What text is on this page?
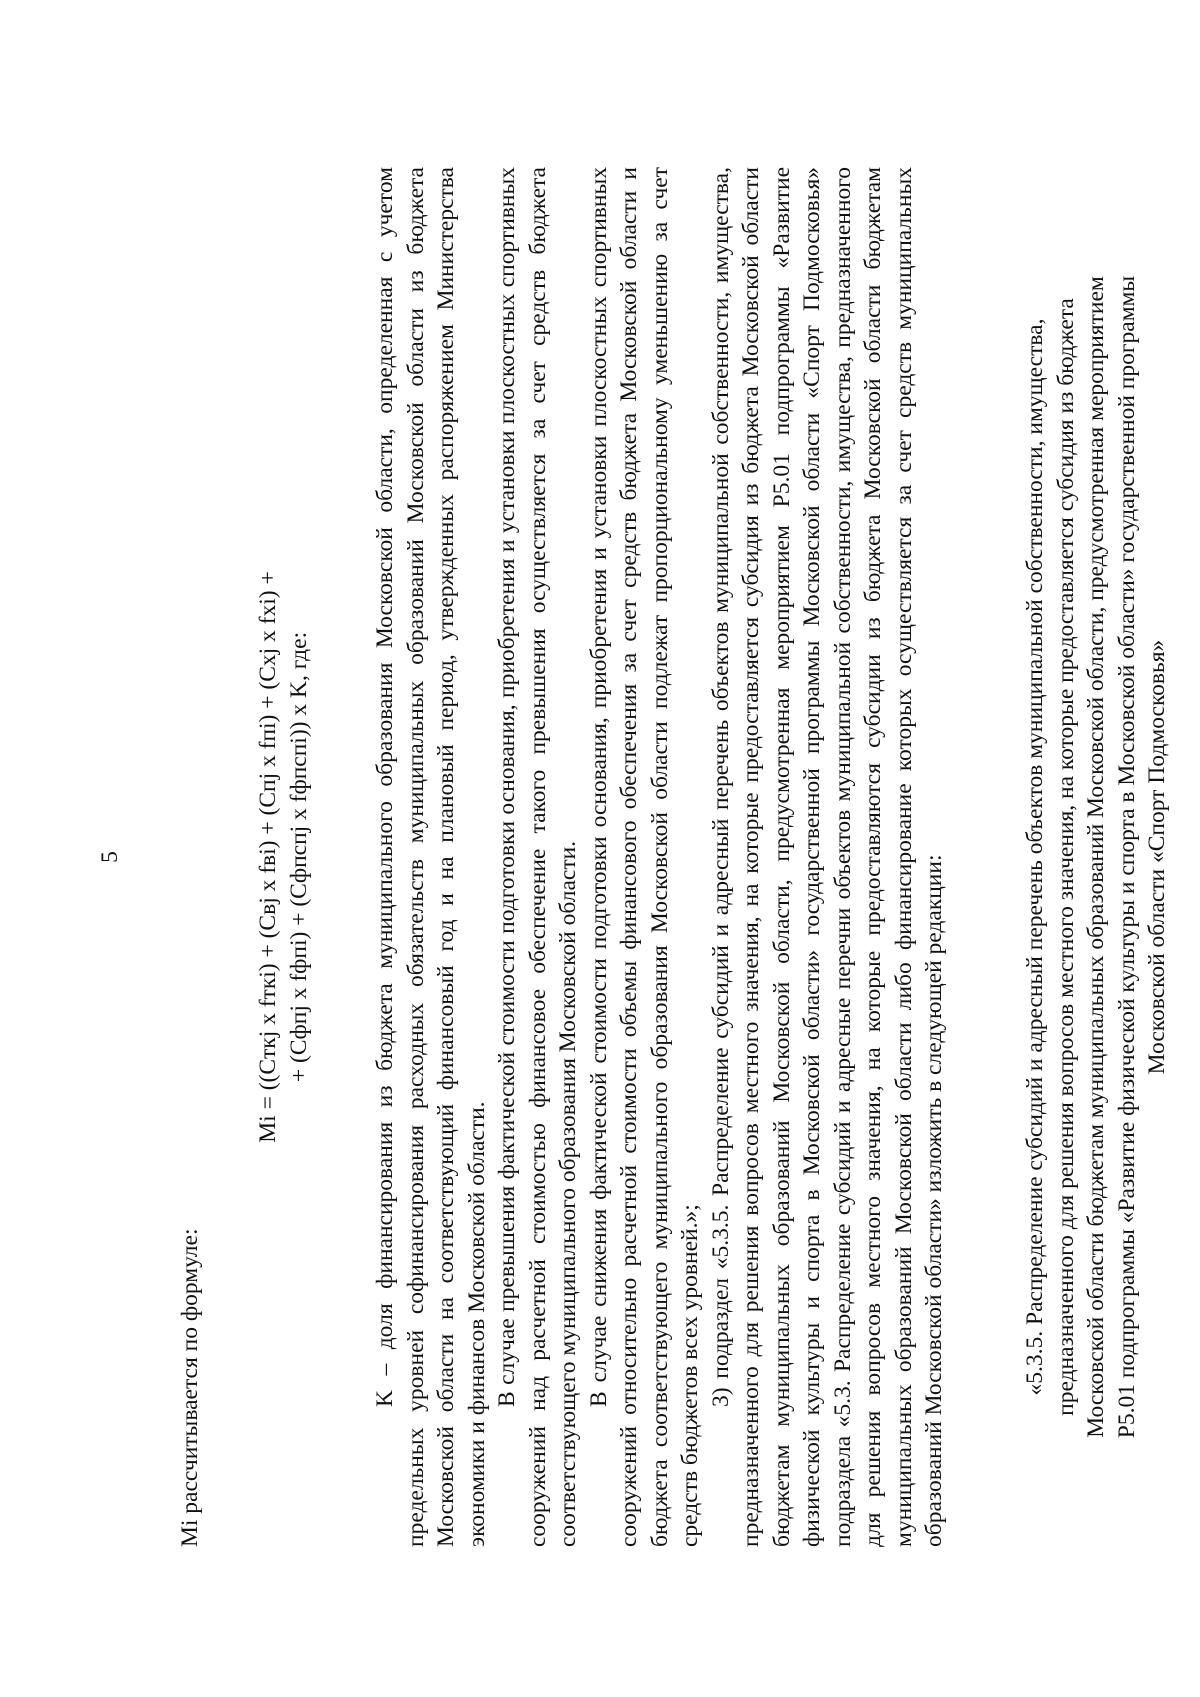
5
Mi рассчитывается по формуле:
Mi = ((Cткj x fткi) + (Cвj x fвi) + (Cпj x fпi) + (Cхj x fхi) + + (Cфпj x fфпi) + (Cфпспj x fфпспi)) x K, где:	K – доля финансирования из бюджета муниципального образования Московской области, определенная с учетом предельных уровней софинансирования расходных обязательств муниципальных образований Московской области из бюджета Московской области на соответствующий финансовый год и на плановый период, утвержденных распоряжением Министерства экономики и финансов Московской области. В случае превышения фактической стоимости подготовки основания, приобретения и установки плоскостных спортивных сооружений над расчетной стоимостью финансовое обеспечение такого превышения осуществляется за счет средств бюджета соответствующего муниципального образования Московской области. В случае снижения фактической стоимости подготовки основания, приобретения и установки плоскостных спортивных сооружений относительно расчетной стоимости объемы финансового обеспечения за счет средств бюджета Московской области и бюджета соответствующего муниципального образования Московской области подлежат пропорциональному уменьшению за счет средств бюджетов всех уровней.»; 3) подраздел «5.3.5. Распределение субсидий и адресный перечень объектов муниципальной собственности, имущества, предназначенного для решения вопросов местного значения, на которые предоставляется субсидия из бюджета Московской области бюджетам муниципальных образований Московской области, предусмотренная мероприятием Р5.01 подпрограммы «Развитие физической культуры и спорта в Московской области» государственной программы Московской области «Спорт Подмосковья» подраздела «5.3. Распределение субсидий и адресные перечни объектов муниципальной собственности, имущества, предназначенного для решения вопросов местного значения, на которые предоставляются субсидии из бюджета Московской области бюджетам муниципальных образований Московской области либо финансирование которых осуществляется за счет средств муниципальных образований Московской области» изложить в следующей редакции:	«5.3.5. Распределение субсидий и адресный перечень объектов муниципальной собственности, имущества, предназначенного для решения вопросов местного значения, на которые предоставляется субсидия из бюджета Московской области бюджетам муниципальных образований Московской области, предусмотренная мероприятием Р5.01 подпрограммы «Развитие физической культуры и спорта в Московской области» государственной программы Московской области «Спорт Подмосковья»
